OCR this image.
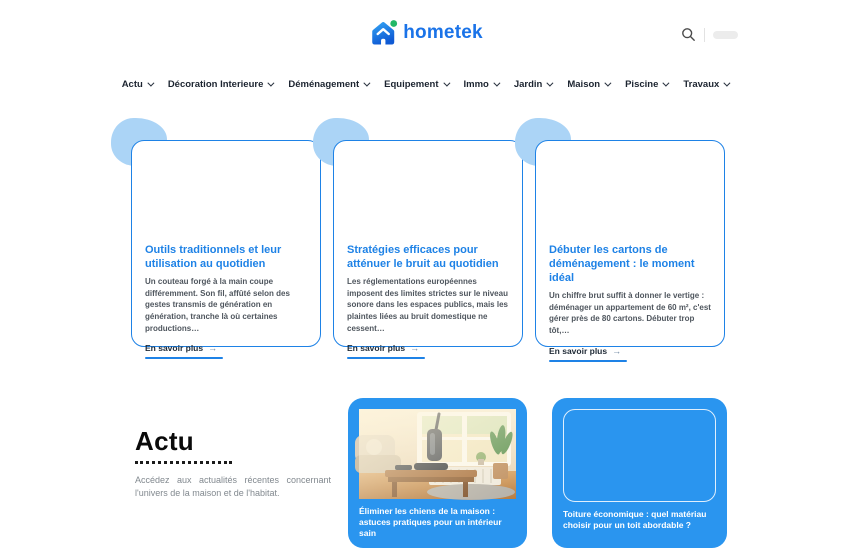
hometek
Actu	Décoration Interieure	Déménagement	Equipement	Immo	Jardin	Maison	Piscine	Travaux
Outils traditionnels et leur utilisation au quotidien
Un couteau forgé à la main coupe différemment. Son fil, affûté selon des gestes transmis de génération en génération, tranche là où certaines productions…
En savoir plus →
Stratégies efficaces pour atténuer le bruit au quotidien
Les réglementations européennes imposent des limites strictes sur le niveau sonore dans les espaces publics, mais les plaintes liées au bruit domestique ne cessent…
En savoir plus →
Débuter les cartons de déménagement : le moment idéal
Un chiffre brut suffit à donner le vertige : déménager un appartement de 60 m², c'est gérer près de 80 cartons. Débuter trop tôt,…
En savoir plus →
Actu

Accédez aux actualités récentes concernant l'univers de la maison et de l'habitat.

Éliminer les chiens de la maison : astuces pratiques pour un intérieur sain
Toiture économique : quel matériau choisir pour un toit abordable ?
